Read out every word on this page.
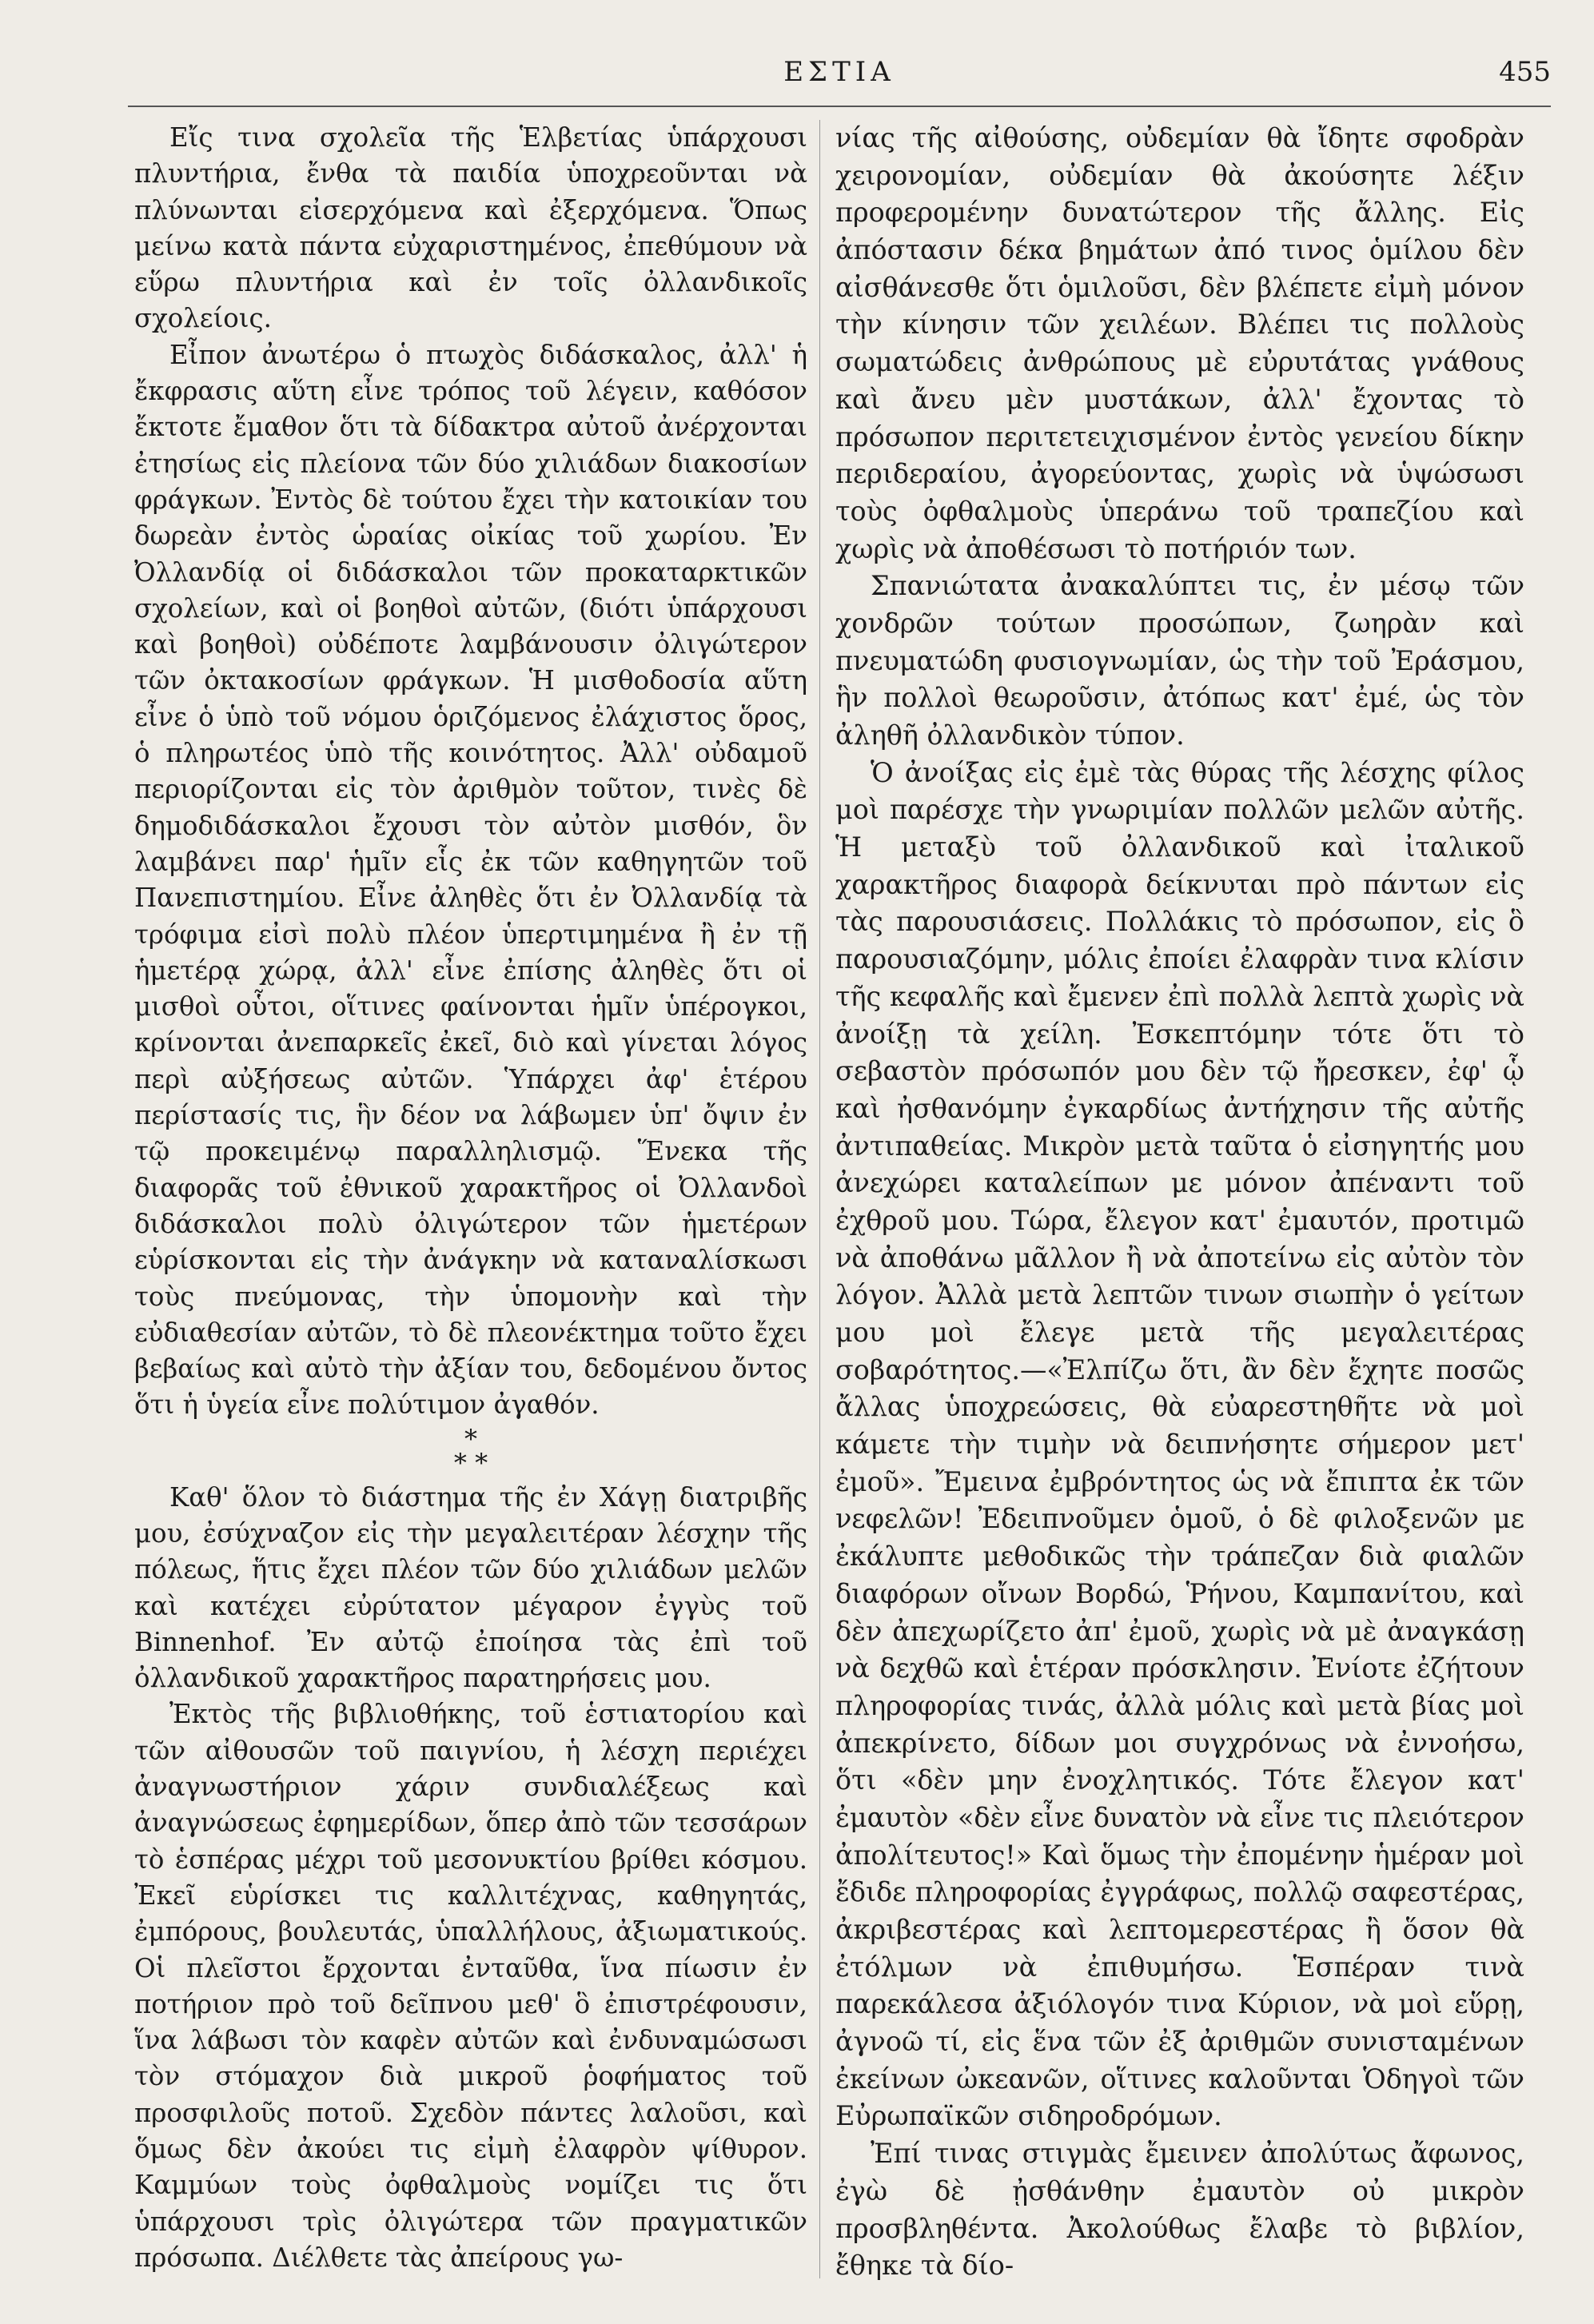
ΕΣΤΙΑ	455

Εἴς τινα σχολεῖα τῆς Ἑλβετίας ὑπάρχουσι πλυντήρια, ἔνθα τὰ παιδία ὑποχρεοῦνται νὰ πλύνωνται εἰσερχόμενα καὶ ἐξερχόμενα. Ὅπως μείνω κατὰ πάντα εὐχαριστημένος, ἐπεθύμουν νὰ εὕρω πλυντήρια καὶ ἐν τοῖς ὀλλανδικοῖς σχολείοις.

Εἶπον ἀνωτέρω ὁ πτωχὸς διδάσκαλος, ἀλλ' ἡ ἔκφρασις αὕτη εἶνε τρόπος τοῦ λέγειν, καθόσον ἔκτοτε ἔμαθον ὅτι τὰ δίδακτρα αὐτοῦ ἀνέρχονται ἐτησίως εἰς πλείονα τῶν δύο χιλιάδων διακοσίων φράγκων. Ἐντὸς δὲ τούτου ἔχει τὴν κατοικίαν του δωρεὰν ἐντὸς ὡραίας οἰκίας τοῦ χωρίου. Ἐν Ὀλλανδίᾳ οἱ διδάσκαλοι τῶν προκαταρκτικῶν σχολείων, καὶ οἱ βοηθοὶ αὐτῶν, (διότι ὑπάρχουσι καὶ βοηθοὶ) οὐδέποτε λαμβάνουσιν ὀλιγώτερον τῶν ὀκτακοσίων φράγκων. Ἡ μισθοδοσία αὕτη εἶνε ὁ ὑπὸ τοῦ νόμου ὁριζόμενος ἐλάχιστος ὅρος, ὁ πληρωτέος ὑπὸ τῆς κοινότητος. Ἀλλ' οὐδαμοῦ περιορίζονται εἰς τὸν ἀριθμὸν τοῦτον, τινὲς δὲ δημοδιδάσκαλοι ἔχουσι τὸν αὐτὸν μισθόν, ὃν λαμβάνει παρ' ἡμῖν εἷς ἐκ τῶν καθηγητῶν τοῦ Πανεπιστημίου. Εἶνε ἀληθὲς ὅτι ἐν Ὀλλανδίᾳ τὰ τρόφιμα εἰσὶ πολὺ πλέον ὑπερτιμημένα ἢ ἐν τῇ ἡμετέρᾳ χώρᾳ, ἀλλ' εἶνε ἐπίσης ἀληθὲς ὅτι οἱ μισθοὶ οὗτοι, οἵτινες φαίνονται ἡμῖν ὑπέρογκοι, κρίνονται ἀνεπαρκεῖς ἐκεῖ, διὸ καὶ γίνεται λόγος περὶ αὐξήσεως αὐτῶν. Ὑπάρχει ἀφ' ἑτέρου περίστασίς τις, ἣν δέον να λάβωμεν ὑπ' ὄψιν ἐν τῷ προκειμένῳ παραλληλισμῷ. Ἕνεκα τῆς διαφορᾶς τοῦ ἐθνικοῦ χαρακτῆρος οἱ Ὀλλανδοὶ διδάσκαλοι πολὺ ὀλιγώτερον τῶν ἡμετέρων εὑρίσκονται εἰς τὴν ἀνάγκην νὰ καταναλίσκωσι τοὺς πνεύμονας, τὴν ὑπομονὴν καὶ τὴν εὐδιαθεσίαν αὐτῶν, τὸ δὲ πλεονέκτημα τοῦτο ἔχει βεβαίως καὶ αὐτὸ τὴν ἀξίαν του, δεδομένου ὄντος ὅτι ἡ ὑγεία εἶνε πολύτιμον ἀγαθόν.

*
* *

Καθ' ὅλον τὸ διάστημα τῆς ἐν Χάγῃ διατριβῆς μου, ἐσύχναζον εἰς τὴν μεγαλειτέραν λέσχην τῆς πόλεως, ἥτις ἔχει πλέον τῶν δύο χιλιάδων μελῶν καὶ κατέχει εὐρύτατον μέγαρον ἐγγὺς τοῦ Binnenhof. Ἐν αὐτῷ ἐποίησα τὰς ἐπὶ τοῦ ὀλλανδικοῦ χαρακτῆρος παρατηρήσεις μου.

Ἐκτὸς τῆς βιβλιοθήκης, τοῦ ἑστιατορίου καὶ τῶν αἰθουσῶν τοῦ παιγνίου, ἡ λέσχη περιέχει ἀναγνωστήριον χάριν συνδιαλέξεως καὶ ἀναγνώσεως ἐφημερίδων, ὅπερ ἀπὸ τῶν τεσσάρων τὸ ἑσπέρας μέχρι τοῦ μεσονυκτίου βρίθει κόσμου. Ἐκεῖ εὑρίσκει τις καλλιτέχνας, καθηγητάς, ἐμπόρους, βουλευτάς, ὑπαλλήλους, ἀξιωματικούς. Οἱ πλεῖστοι ἔρχονται ἐνταῦθα, ἵνα πίωσιν ἐν ποτήριον πρὸ τοῦ δεῖπνου μεθ' ὃ ἐπιστρέφουσιν, ἵνα λάβωσι τὸν καφὲν αὐτῶν καὶ ἐνδυναμώσωσι τὸν στόμαχον διὰ μικροῦ ῥοφήματος τοῦ προσφιλοῦς ποτοῦ. Σχεδὸν πάντες λαλοῦσι, καὶ ὅμως δὲν ἀκούει τις εἰμὴ ἐλαφρὸν ψίθυρον. Καμμύων τοὺς ὀφθαλμοὺς νομίζει τις ὅτι ὑπάρχουσι τρὶς ὀλιγώτερα τῶν πραγματικῶν πρόσωπα. Διέλθετε τὰς ἀπείρους γω-

νίας τῆς αἰθούσης, οὐδεμίαν θὰ ἴδητε σφοδρὰν χειρονομίαν, οὐδεμίαν θὰ ἀκούσητε λέξιν προφερομένην δυνατώτερον τῆς ἄλλης. Εἰς ἀπόστασιν δέκα βημάτων ἀπό τινος ὁμίλου δὲν αἰσθάνεσθε ὅτι ὁμιλοῦσι, δὲν βλέπετε εἰμὴ μόνον τὴν κίνησιν τῶν χειλέων. Βλέπει τις πολλοὺς σωματώδεις ἀνθρώπους μὲ εὐρυτάτας γνάθους καὶ ἄνευ μὲν μυστάκων, ἀλλ' ἔχοντας τὸ πρόσωπον περιτετειχισμένον ἐντὸς γενείου δίκην περιδεραίου, ἀγορεύοντας, χωρὶς νὰ ὑψώσωσι τοὺς ὀφθαλμοὺς ὑπεράνω τοῦ τραπεζίου καὶ χωρὶς νὰ ἀποθέσωσι τὸ ποτήριόν των.

Σπανιώτατα ἀνακαλύπτει τις, ἐν μέσῳ τῶν χονδρῶν τούτων προσώπων, ζωηρὰν καὶ πνευματώδη φυσιογνωμίαν, ὡς τὴν τοῦ Ἐράσμου, ἣν πολλοὶ θεωροῦσιν, ἀτόπως κατ' ἐμέ, ὡς τὸν ἀληθῆ ὀλλανδικὸν τύπον.

Ὁ ἀνοίξας εἰς ἐμὲ τὰς θύρας τῆς λέσχης φίλος μοὶ παρέσχε τὴν γνωριμίαν πολλῶν μελῶν αὐτῆς. Ἡ μεταξὺ τοῦ ὀλλανδικοῦ καὶ ἰταλικοῦ χαρακτῆρος διαφορὰ δείκνυται πρὸ πάντων εἰς τὰς παρουσιάσεις. Πολλάκις τὸ πρόσωπον, εἰς ὃ παρουσιαζόμην, μόλις ἐποίει ἐλαφρὰν τινα κλίσιν τῆς κεφαλῆς καὶ ἔμενεν ἐπὶ πολλὰ λεπτὰ χωρὶς νὰ ἀνοίξῃ τὰ χείλη. Ἐσκεπτόμην τότε ὅτι τὸ σεβαστὸν πρόσωπόν μου δὲν τῷ ἤρεσκεν, ἐφ' ᾧ καὶ ἠσθανόμην ἐγκαρδίως ἀντήχησιν τῆς αὐτῆς ἀντιπαθείας. Μικρὸν μετὰ ταῦτα ὁ εἰσηγητής μου ἀνεχώρει καταλείπων με μόνον ἀπέναντι τοῦ ἐχθροῦ μου. Τώρα, ἔλεγον κατ' ἐμαυτόν, προτιμῶ νὰ ἀποθάνω μᾶλλον ἢ νὰ ἀποτείνω εἰς αὐτὸν τὸν λόγον. Ἀλλὰ μετὰ λεπτῶν τινων σιωπὴν ὁ γείτων μου μοὶ ἔλεγε μετὰ τῆς μεγαλειτέρας σοβαρότητος.—«Ἐλπίζω ὅτι, ἂν δὲν ἔχητε ποσῶς ἄλλας ὑποχρεώσεις, θὰ εὐαρεστηθῆτε νὰ μοὶ κάμετε τὴν τιμὴν νὰ δειπνήσητε σήμερον μετ' ἐμοῦ». Ἔμεινα ἐμβρόντητος ὡς νὰ ἔπιπτα ἐκ τῶν νεφελῶν! Ἐδειπνοῦμεν ὁμοῦ, ὁ δὲ φιλοξενῶν με ἐκάλυπτε μεθοδικῶς τὴν τράπεζαν διὰ φιαλῶν διαφόρων οἴνων Βορδώ, Ῥήνου, Καμπανίτου, καὶ δὲν ἀπεχωρίζετο ἀπ' ἐμοῦ, χωρὶς νὰ μὲ ἀναγκάσῃ νὰ δεχθῶ καὶ ἑτέραν πρόσκλησιν. Ἐνίοτε ἐζήτουν πληροφορίας τινάς, ἀλλὰ μόλις καὶ μετὰ βίας μοὶ ἀπεκρίνετο, δίδων μοι συγχρόνως νὰ ἐννοήσω, ὅτι «δὲν μην ἐνοχλητικός. Τότε ἔλεγον κατ' ἐμαυτὸν «δὲν εἶνε δυνατὸν νὰ εἶνε τις πλειότερον ἀπολίτευτος!» Καὶ ὅμως τὴν ἐπομένην ἡμέραν μοὶ ἔδιδε πληροφορίας ἐγγράφως, πολλῷ σαφεστέρας, ἀκριβεστέρας καὶ λεπτομερεστέρας ἢ ὅσον θὰ ἐτόλμων νὰ ἐπιθυμήσω. Ἑσπέραν τινὰ παρεκάλεσα ἀξιόλογόν τινα Κύριον, νὰ μοὶ εὕρῃ, ἀγνοῶ τί, εἰς ἕνα τῶν ἐξ ἀριθμῶν συνισταμένων ἐκείνων ὠκεανῶν, οἵτινες καλοῦνται Ὁδηγοὶ τῶν Εὐρωπαϊκῶν σιδηροδρόμων.

Ἐπί τινας στιγμὰς ἔμεινεν ἀπολύτως ἄφωνος, ἐγὼ δὲ ᾐσθάνθην ἐμαυτὸν οὐ μικρὸν προσβληθέντα. Ἀκολούθως ἔλαβε τὸ βιβλίον, ἔθηκε τὰ δίο-
